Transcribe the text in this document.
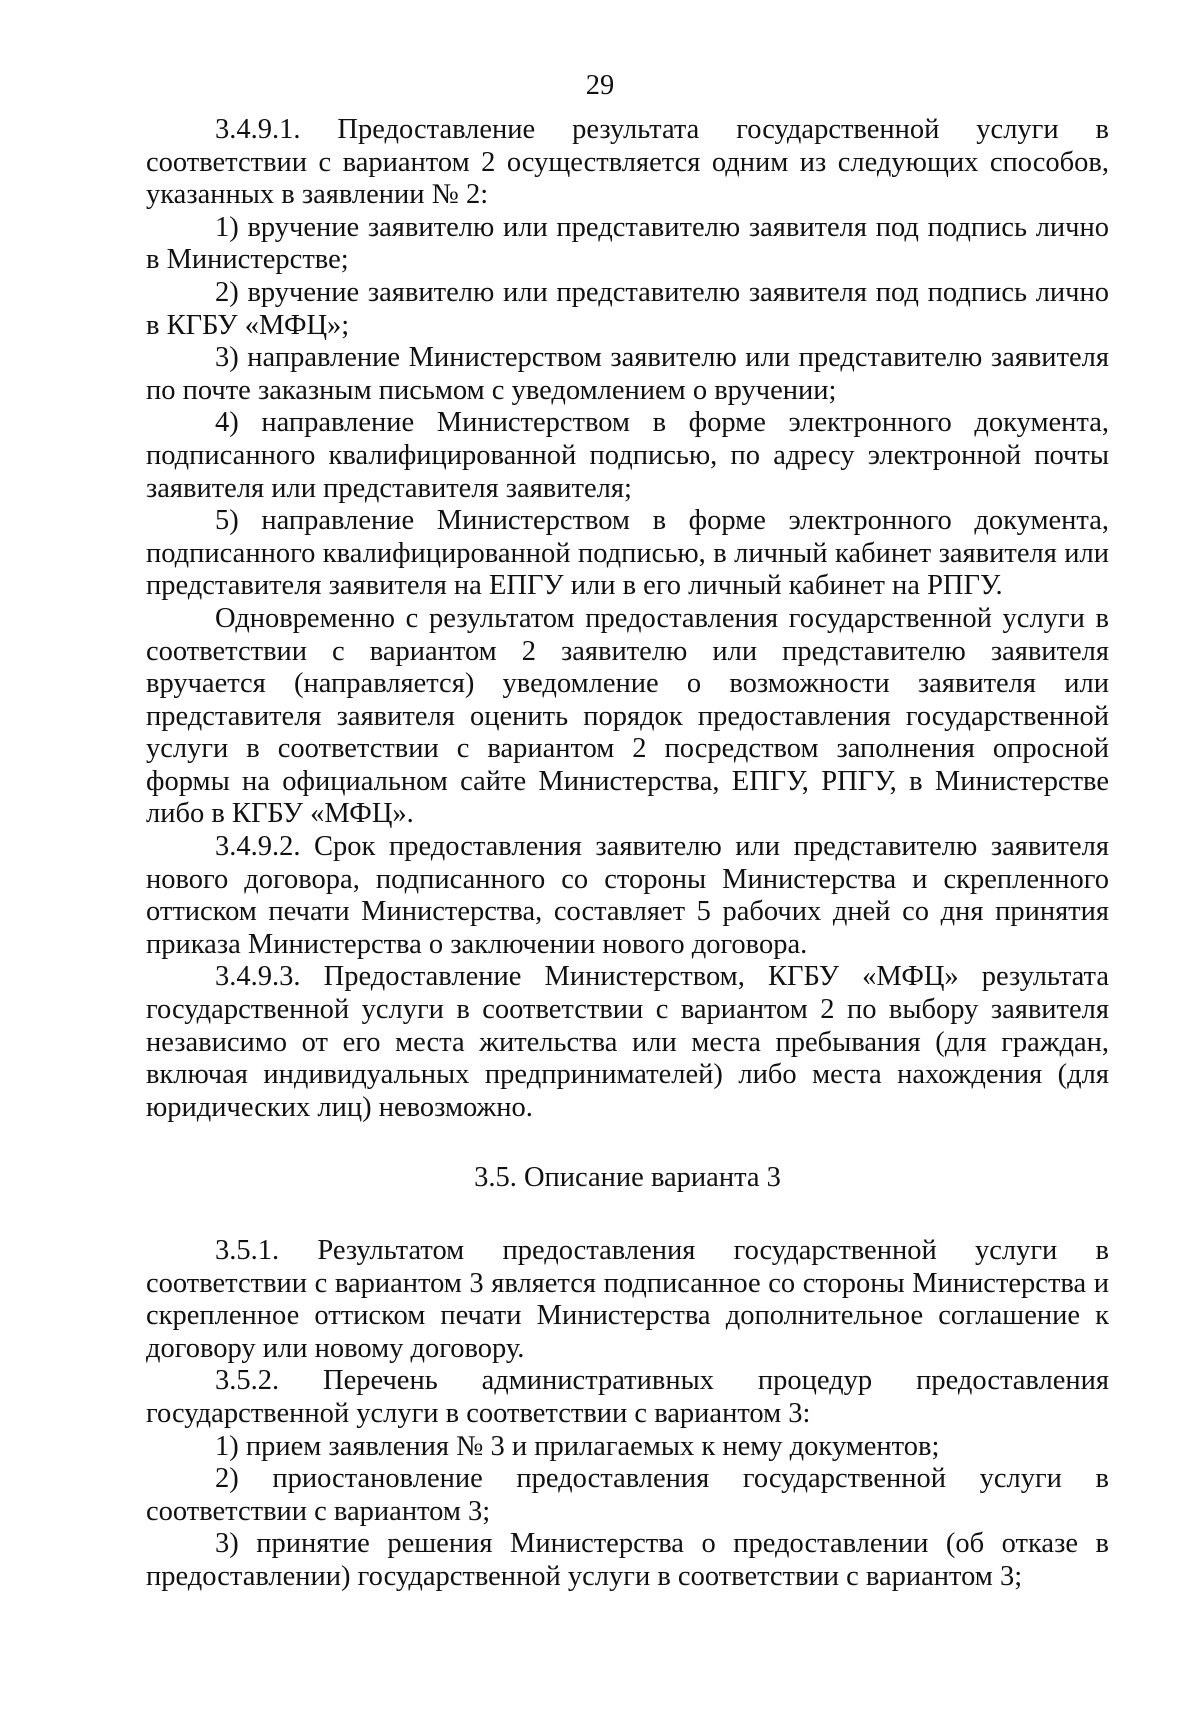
29

3.4.9.1. Предоставление результата государственной услуги в соответствии с вариантом 2 осуществляется одним из следующих способов, указанных в заявлении № 2:

1) вручение заявителю или представителю заявителя под подпись лично в Министерстве;

2) вручение заявителю или представителю заявителя под подпись лично в КГБУ «МФЦ»;

3) направление Министерством заявителю или представителю заявителя по почте заказным письмом с уведомлением о вручении;

4) направление Министерством в форме электронного документа, подписанного квалифицированной подписью, по адресу электронной почты заявителя или представителя заявителя;

5) направление Министерством в форме электронного документа, подписанного квалифицированной подписью, в личный кабинет заявителя или представителя заявителя на ЕПГУ или в его личный кабинет на РПГУ.

Одновременно с результатом предоставления государственной услуги в соответствии с вариантом 2 заявителю или представителю заявителя вручается (направляется) уведомление о возможности заявителя или представителя заявителя оценить порядок предоставления государственной услуги в соответствии с вариантом 2 посредством заполнения опросной формы на официальном сайте Министерства, ЕПГУ, РПГУ, в Министерстве либо в КГБУ «МФЦ».

3.4.9.2. Срок предоставления заявителю или представителю заявителя нового договора, подписанного со стороны Министерства и скрепленного оттиском печати Министерства, составляет 5 рабочих дней со дня принятия приказа Министерства о заключении нового договора.

3.4.9.3. Предоставление Министерством, КГБУ «МФЦ» результата государственной услуги в соответствии с вариантом 2 по выбору заявителя независимо от его места жительства или места пребывания (для граждан, включая индивидуальных предпринимателей) либо места нахождения (для юридических лиц) невозможно.

3.5. Описание варианта 3

3.5.1. Результатом предоставления государственной услуги в соответствии с вариантом 3 является подписанное со стороны Министерства и скрепленное оттиском печати Министерства дополнительное соглашение к договору или новому договору.

3.5.2. Перечень административных процедур предоставления государственной услуги в соответствии с вариантом 3:

1) прием заявления № 3 и прилагаемых к нему документов;

2) приостановление предоставления государственной услуги в соответствии с вариантом 3;

3) принятие решения Министерства о предоставлении (об отказе в предоставлении) государственной услуги в соответствии с вариантом 3;
